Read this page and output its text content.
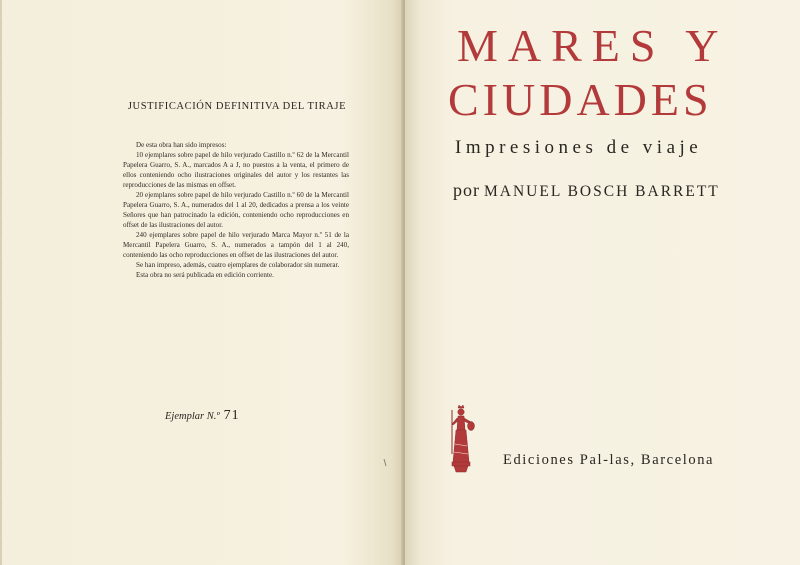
JUSTIFICACIÓN DEFINITIVA DEL TIRAJE

De esta obra han sido impresos:

10 ejemplares sobre papel de hilo verjurado Castillo n.º 62 de la Mercantil Papelera Guarro, S. A., marcados A a J, no puestos a la venta, el primero de ellos conteniendo ocho ilustraciones originales del autor y los restantes las reproducciones de las mismas en offset.

20 ejemplares sobre papel de hilo verjurado Castillo n.º 60 de la Mercantil Papelera Guarro, S. A., numerados del 1 al 20, dedicados a prensa a los veinte Señores que han patrocinado la edición, conteniendo ocho reproducciones en offset de las ilustraciones del autor.

240 ejemplares sobre papel de hilo verjurado Marca Mayor n.º 51 de la Mercantil Papelera Guarro, S. A., numerados a tampón del 1 al 240, conteniendo las ocho reproducciones en offset de las ilustraciones del autor.

Se han impreso, además, cuatro ejemplares de colaborador sin numerar.

Esta obra no será publicada en edición corriente.

Ejemplar N.º 71
MARES Y
CIUDADES
Impresiones de viaje
por MANUEL BOSCH BARRETT
Ediciones Pal-las, Barcelona
